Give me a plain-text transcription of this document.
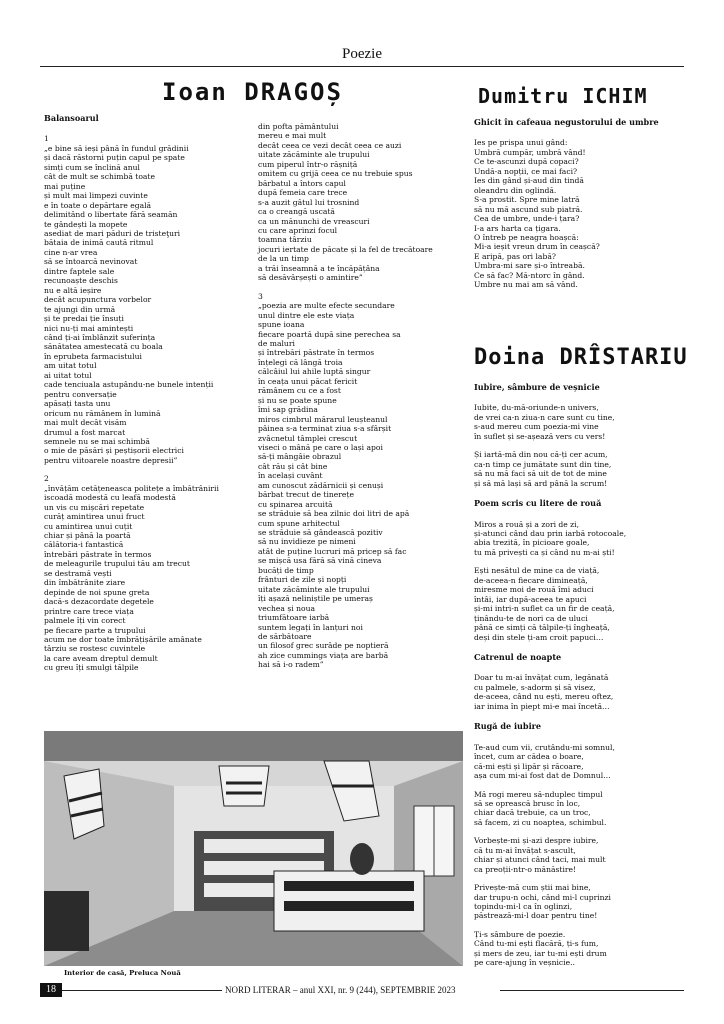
Poezie
Ioan DRAGOȘ	Dumitru ICHIM
Doina DRÎSTARIU

Balansoarul

1

„e bine să ieși până în fundul grădinii

și dacă răstorni puțin capul pe spate

simți cum se înclină anul

cât de mult se schimbă toate

mai puține

și mult mai limpezi cuvinte

e în toate o depărtare egală

delimitând o libertate fără seamăn

te gândești la mopete

asediat de mari păduri de tristeţuri

bătaia de inimă caută ritmul

cine n-ar vrea

să se întoarcă nevinovat

dintre faptele sale

recunoaște deschis

nu e altă ieșire

decât acupunctura vorbelor

te ajungi din urmă

și te predai ție însuți

nici nu-ți mai amintești

când ți-ai îmblânzit suferința

sănătatea amestecată cu boala

în eprubeta farmacistului

am uitat totul

ai uitat totul

cade tenciuala astupându-ne bunele intenții

pentru conversație

apăsați tasta unu

oricum nu rămânem în lumină

mai mult decât visăm

drumul a fost marcat

semnele nu se mai schimbă

o mie de păsări și peștișorii electrici

pentru viitoarele noastre depresii”

2

„învățăm cetățeneasca politețe a îmbătrânirii

iscoadă modestă cu leafă modestă

un vis cu mișcări repetate

curăț amintirea unui fruct

cu amintirea unui cuțit

chiar și până la poartă

călătoria-i fantastică

întrebări păstrate în termos

de meleagurile trupului tău am trecut

se destramă vești

din îmbătrânite ziare

depinde de noi spune greta

dacă-s dezacordate degetele

printre care trece viața

palmele îți vin corect

pe fiecare parte a trupului

acum ne dor toate îmbrățișările amânate

târziu se rostesc cuvintele

la care aveam dreptul demult

cu greu îți smulgi tălpile

din pofta pământului

mereu e mai mult

decât ceea ce vezi decât ceea ce auzi

uitate zăcăminte ale trupului

cum piperul într-o rășniță

omitem cu grijă ceea ce nu trebuie spus

bărbatul a întors capul

după femeia care trece

s-a auzit gâtul lui trosnind

ca o creangă uscată

ca un mănunchi de vreascuri

cu care aprinzi focul

toamna târziu

jocuri iertate de păcate și la fel de trecătoare

de la un timp

a trăi înseamnă a te încăpățâna

să desăvârșești o amintire”

3

„poezia are multe efecte secundare

unul dintre ele este viața

spune ioana

fiecare poartă după sine perechea sa

de maluri

și întrebări păstrate în termos

înțelegi că lângă troia

călcâiul lui ahile luptă singur

în ceața unui păcat fericit

rămânem cu ce a fost

și nu se poate spune

îmi sap grădina

miros cimbrul mărarul leușteanul

pâinea s-a terminat ziua s-a sfârșit

zvâcnetul tâmplei crescut

viseci o mână pe care o lași apoi

să-ți mângâie obrazul

cât rău și cât bine

în același cuvânt

am cunoscut zădărnicii și cenuși

bărbat trecut de tinerețe

cu spinarea arcuită

se străduie să bea zilnic doi litri de apă

cum spune arhitectul

se străduie să gândească pozitiv

să nu invidieze pe nimeni

atât de puține lucruri mă pricep să fac

se mișcă usa fără să vină cineva

bucăți de timp

frânturi de zile și nopți

uitate zăcăminte ale trupului

îți așază neliniștile pe umeraș

vechea și noua

triumfătoare iarbă

suntem legați în lanțuri noi

de sărbătoare

un filosof grec surâde pe noptieră

ah zice cummings viața are barbă

hai să i-o radem”

Ghicit în cafeaua negustorului de umbre

Ies pe prispa unui gând:

Umbră cumpăr, umbră vând!

Ce te-ascunzi după copaci?

Undă-a nopții, ce mai faci?

Ies din gând și-aud din tindă

oleandru din oglindă.

S-a prostit. Spre mine latră

să nu mă ascund sub piatră.

Cea de umbre, unde-i țara?

I-a ars harta ca țigara.

O întreb pe neagra hoașcă:

Mi-a ieșit vreun drum în ceașcă?

E aripă, pas ori labă?

Umbra-mi sare și-o întreabă.

Ce să fac? Mă-ntorc în gând.

Umbre nu mai am să vând.

Iubire, sâmbure de veșnicie

Iubite, du-mă-oriunde-n univers,

de vrei ca-n ziua-n care sunt cu tine,

s-aud mereu cum poezia-mi vine

în suflet și se-așează vers cu vers!

Și iartă-mă din nou că-ți cer acum,

ca-n timp ce jumătate sunt din tine,

să nu mă faci să uit de tot de mine

și să mă lași să ard până la scrum!

Poem scris cu litere de rouă

Miros a rouă și a zori de zi,

și-atunci când dau prin iarbă rotocoale,

abia trezită, în picioare goale,

tu mă privești ca și când nu m-ai ști!

Ești nesătul de mine ca de viață,

de-aceea-n fiecare dimineață,

miresme moi de rouă îmi aduci

întâi, iar după-aceea te apuci

și-mi intri-n suflet ca un fir de ceață,

ținându-te de nori ca de uluci

până ce simți că tălpile-ți îngheață,

deși din stele ți-am croit papuci…

Catrenul de noapte

Doar tu m-ai învățat cum, legănată

cu palmele, s-adorm și să visez,

de-aceea, când nu ești, mereu oftez,

iar inima în piept mi-e mai încetă…

Rugă de iubire

Te-aud cum vii, crutându-mi somnul,

încet, cum ar cădea o boare,

că-mi ești și lipăr și răcoare,

așa cum mi-ai fost dat de Domnul…

Mă rogi mereu să-nduplec timpul

să se oprească brusc în loc,

chiar dacă trebuie, ca un troc,

să facem, zi cu noaptea, schimbul.

Vorbește-mi și-azi despre iubire,

că tu m-ai învățat s-ascult,

chiar și atunci când taci, mai mult

ca preoții-ntr-o mănăstire!

Privește-mă cum știi mai bine,

dar trupu-n ochi, când mi-l cuprinzi

topindu-mi-l ca în oglinzi,

păstrează-mi-l doar pentru tine!

Ți-s sâmbure de poezie.

Când tu-mi ești flacără, ți-s fum,

și mers de zeu, iar tu-mi ești drum

pe care-ajung în veșnicie..

Interior de casă, Preluca Nouă
18	NORD LITERAR – anul XXI, nr. 9 (244), SEPTEMBRIE 2023
